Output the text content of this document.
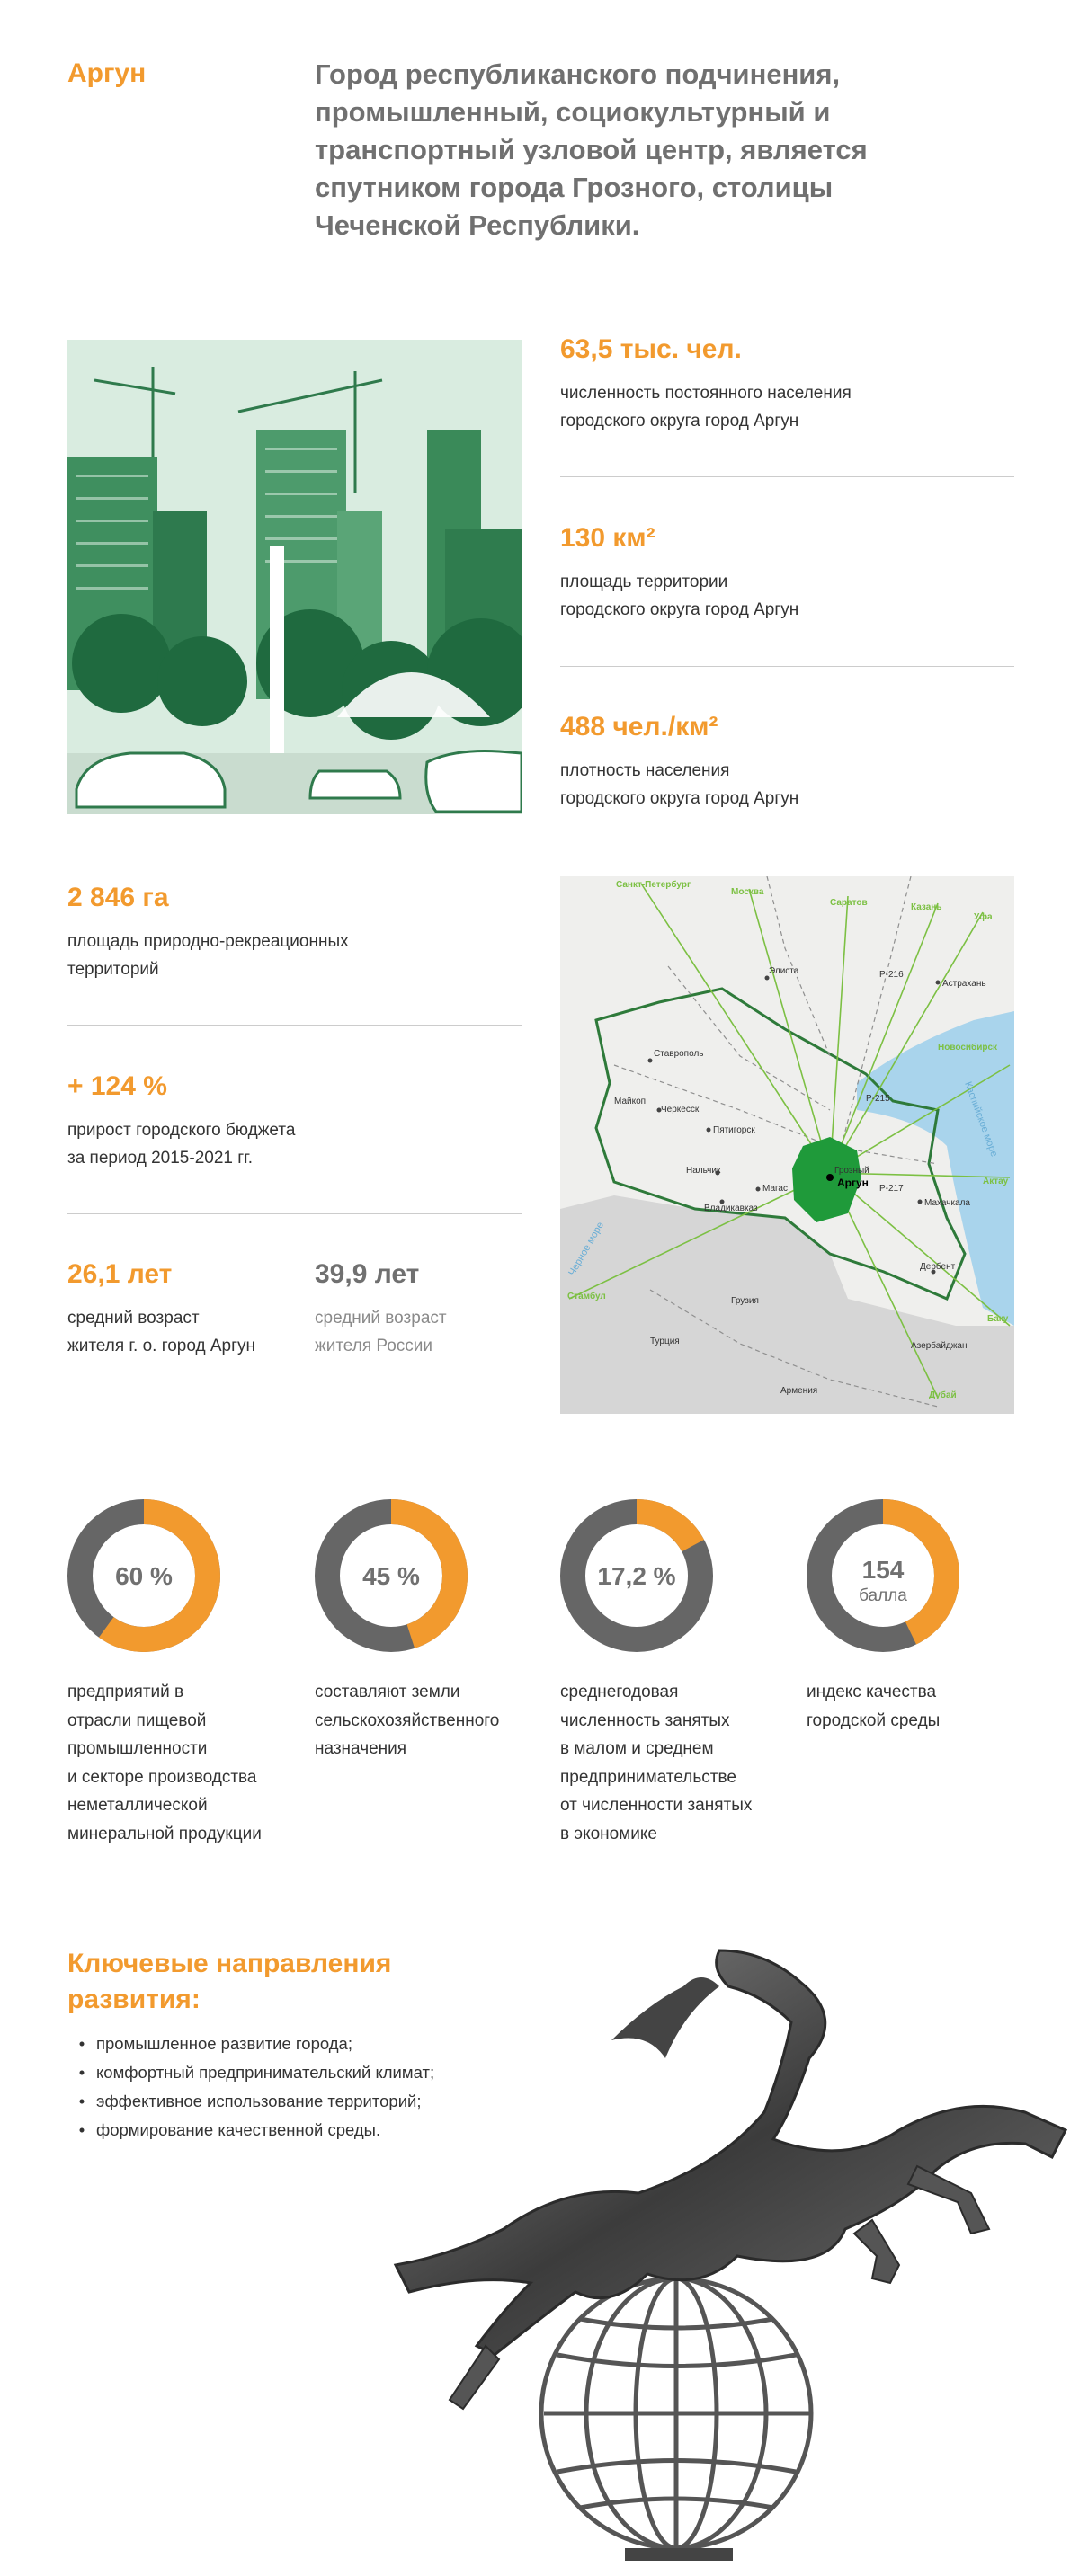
Аргун	Город республиканского подчинения, промышленный, социокультурный и транспортный узловой центр, является спутником города Грозного, столицы Чеченской Республики.
63,5 тыс. чел.
численность постоянного населения
городского округа город Аргун
130 км²
площадь территории
городского округа город Аргун
488 чел./км²
плотность населения
городского округа город Аргун
2 846 га
площадь природно-рекреационных
территорий
+ 124 %
прирост городского бюджета
за период 2015-2021 гг.
26,1 лет
средний возраст
жителя г. о. город Аргун
39,9 лет
средний возраст
жителя России
Санкт-Петербург
Москва
Саратов	Казань
Уфа
Новосибирск
Актау
Баку
Стамбул
Дубай
Элиста
Астрахань
Ставрополь
Майкоп
Черкесск
Пятигорск
Нальчик
Магас
Владикавказ
Грозный
Махачкала
Дербент
Грузия
Турция	Азербайджан
Армения
Р-216
Р-215
Р-217
Аргун
Каспийское море
Черное море
60 %
предприятий в
отрасли пищевой
промышленности
и секторе производства
неметаллической
минеральной продукции
45 %
составляют земли
сельскохозяйственного
назначения
17,2 %
среднегодовая
численность занятых
в малом и среднем
предпринимательстве
от численности занятых
в экономике
154
балла
индекс качества
городской среды
Ключевые направления
развития:
• промышленное развитие города;
• комфортный предпринимательский климат;
• эффективное использование территорий;
• формирование качественной среды.
